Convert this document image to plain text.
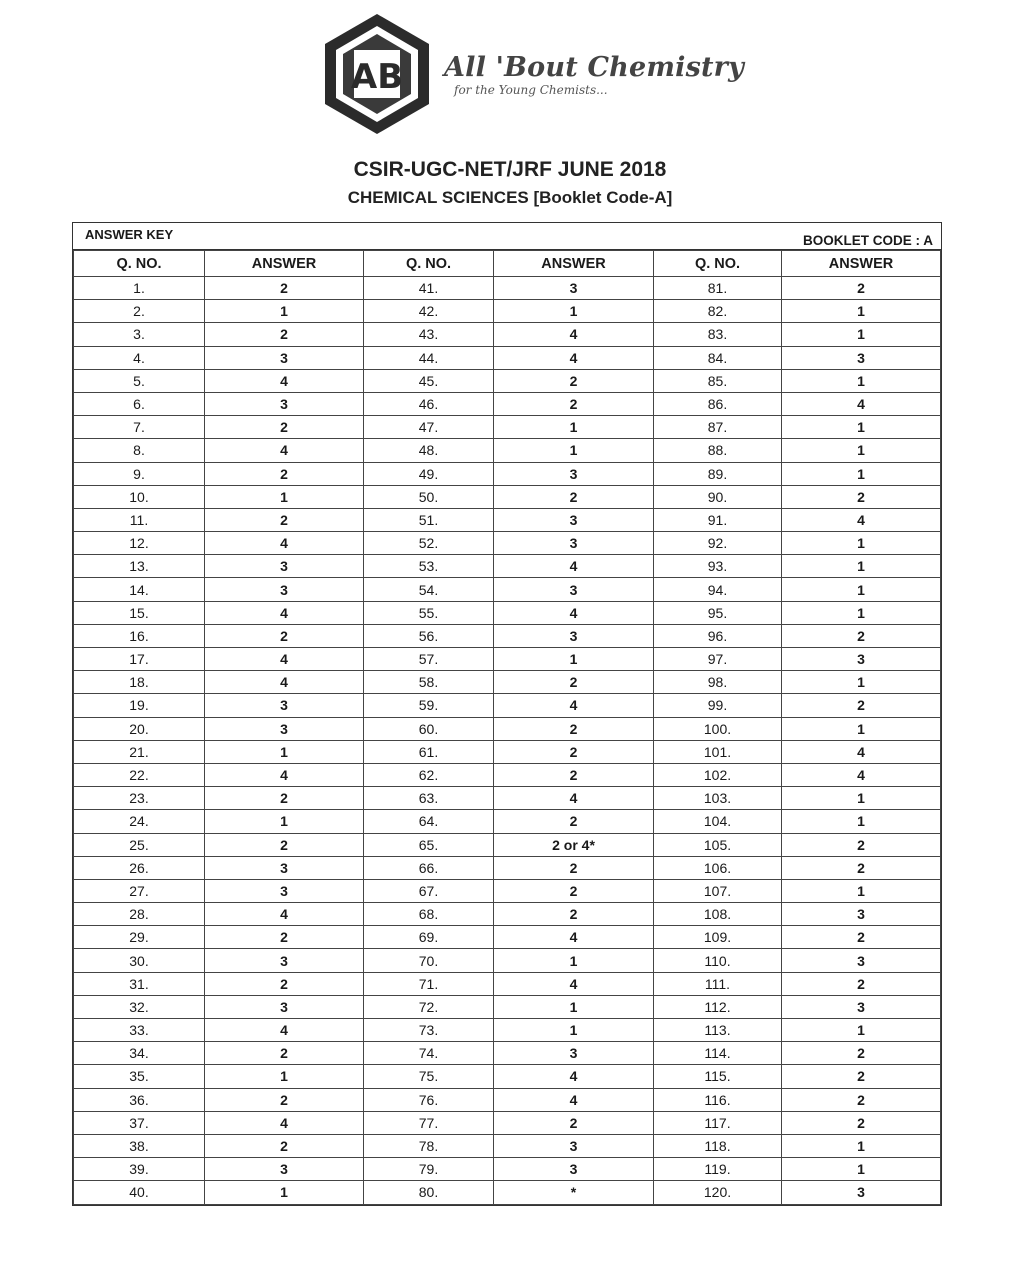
AB All 'Bout Chemistry
for the Young Chemists...
CSIR-UGC-NET/JRF JUNE 2018
CHEMICAL SCIENCES [Booklet Code-A]
ANSWER KEY	BOOKLET CODE : A
Q. NO.	ANSWER	Q. NO.	ANSWER	Q. NO.	ANSWER
1.	2	41.	3	81.	2
2.	1	42.	1	82.	1
3.	2	43.	4	83.	1
4.	3	44.	4	84.	3
5.	4	45.	2	85.	1
6.	3	46.	2	86.	4
7.	2	47.	1	87.	1
8.	4	48.	1	88.	1
9.	2	49.	3	89.	1
10.	1	50.	2	90.	2
11.	2	51.	3	91.	4
12.	4	52.	3	92.	1
13.	3	53.	4	93.	1
14.	3	54.	3	94.	1
15.	4	55.	4	95.	1
16.	2	56.	3	96.	2
17.	4	57.	1	97.	3
18.	4	58.	2	98.	1
19.	3	59.	4	99.	2
20.	3	60.	2	100.	1
21.	1	61.	2	101.	4
22.	4	62.	2	102.	4
23.	2	63.	4	103.	1
24.	1	64.	2	104.	1
25.	2	65.	2 or 4*	105.	2
26.	3	66.	2	106.	2
27.	3	67.	2	107.	1
28.	4	68.	2	108.	3
29.	2	69.	4	109.	2
30.	3	70.	1	110.	3
31.	2	71.	4	111.	2
32.	3	72.	1	112.	3
33.	4	73.	1	113.	1
34.	2	74.	3	114.	2
35.	1	75.	4	115.	2
36.	2	76.	4	116.	2
37.	4	77.	2	117.	2
38.	2	78.	3	118.	1
39.	3	79.	3	119.	1
40.	1	80.	*	120.	3
